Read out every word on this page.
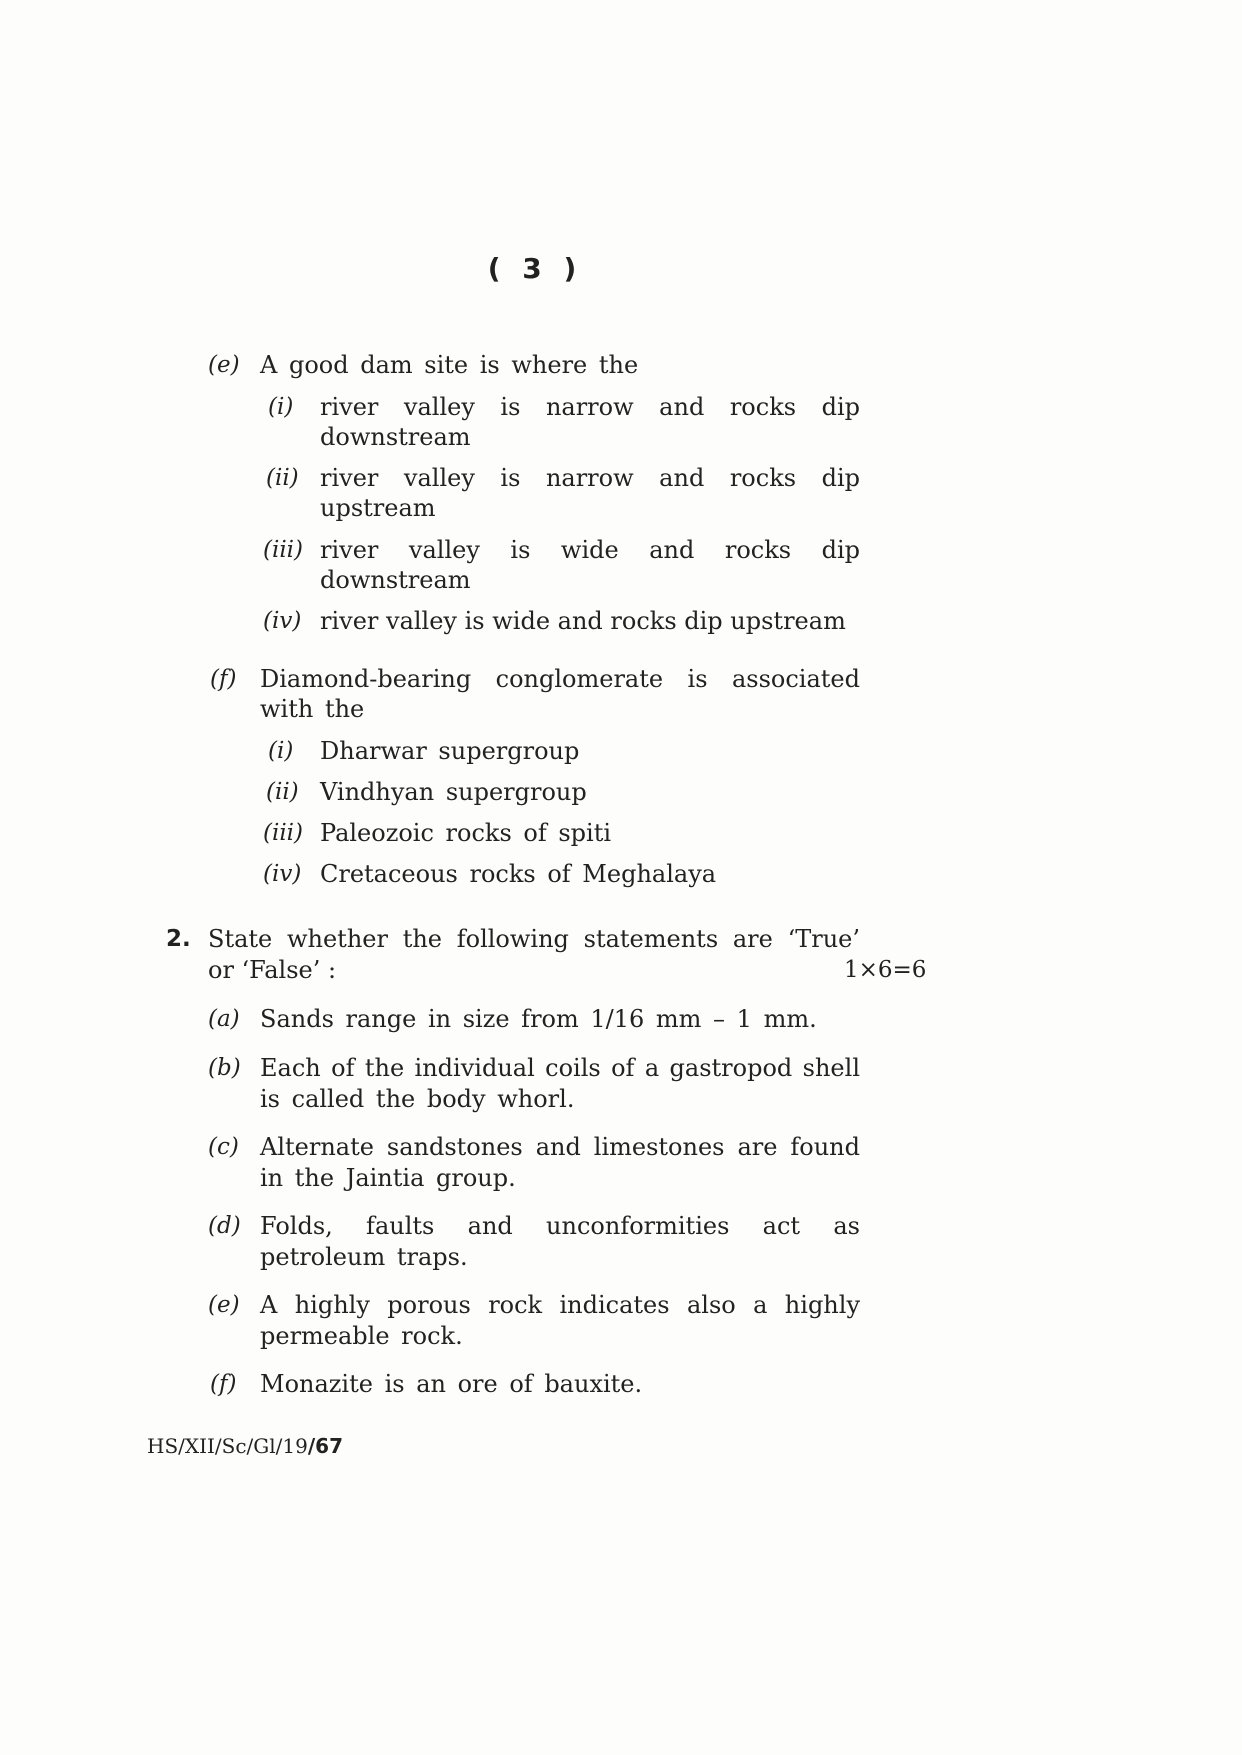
( 3 )
(e) A good dam site is where the
(i) river valley is narrow and rocks dip
downstream
(ii) river valley is narrow and rocks dip
upstream
(iii) river valley is wide and rocks dip
downstream
(iv) river valley is wide and rocks dip upstream
(f) Diamond-bearing conglomerate is associated
with the
(i) Dharwar supergroup
(ii) Vindhyan supergroup
(iii) Paleozoic rocks of spiti
(iv) Cretaceous rocks of Meghalaya
2. State whether the following statements are ‘True’
or ‘False’ :	1×6=6
(a) Sands range in size from 1/16 mm – 1 mm.
(b) Each of the individual coils of a gastropod shell
is called the body whorl.
(c) Alternate sandstones and limestones are found
in the Jaintia group.
(d) Folds, faults and unconformities act as
petroleum traps.
(e) A highly porous rock indicates also a highly
permeable rock.
(f) Monazite is an ore of bauxite.
HS/XII/Sc/Gl/19/67
